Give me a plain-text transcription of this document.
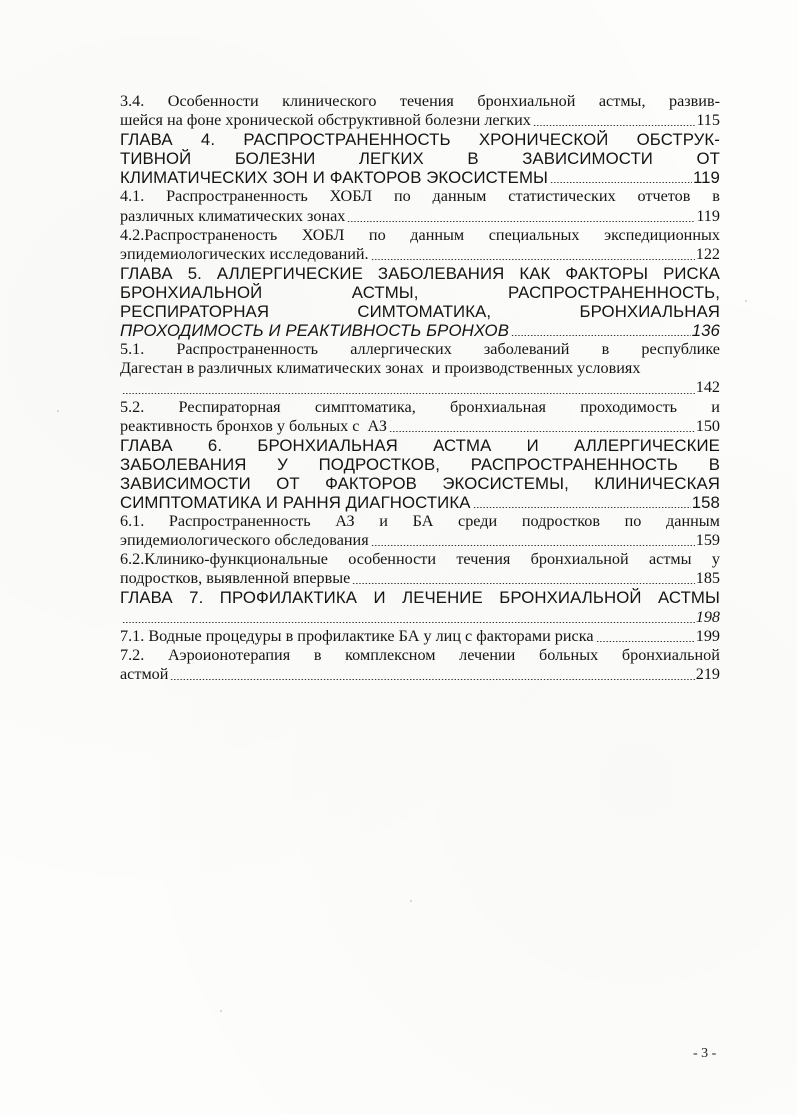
3.4. Особенности клинического течения бронхиальной астмы, развив-
шейся на фоне хронической обструктивной болезни легких	115
ГЛАВА 4. РАСПРОСТРАНЕННОСТЬ ХРОНИЧЕСКОЙ ОБСТРУК-
ТИВНОЙ	БОЛЕЗНИ	ЛЕГКИХ	В	ЗАВИСИМОСТИ	ОТ
КЛИМАТИЧЕСКИХ ЗОН И ФАКТОРОВ ЭКОСИСТЕМЫ	119
4.1. Распространенность ХОБЛ по данным статистических отчетов в
различных климатических зонах	119
4.2.Распространеность ХОБЛ по данным специальных экспедиционных
эпидемиологических исследований.	122
ГЛАВА 5. АЛЛЕРГИЧЕСКИЕ ЗАБОЛЕВАНИЯ КАК ФАКТОРЫ РИСКА
БРОНХИАЛЬНОЙ	АСТМЫ,	РАСПРОСТРАНЕННОСТЬ,
РЕСПИРАТОРНАЯ	СИМТОМАТИКА,	БРОНХИАЛЬНАЯ
ПРОХОДИМОСТЬ И РЕАКТИВНОСТЬ БРОНХОВ	136
5.1. Распространенность аллергических заболеваний в республике
Дагестан в различных климатических зонах  и производственных условиях
142
5.2. Респираторная симптоматика, бронхиальная проходимость и
реактивность бронхов у больных с  АЗ	150
ГЛАВА 6. БРОНХИАЛЬНАЯ АСТМА И АЛЛЕРГИЧЕСКИЕ
ЗАБОЛЕВАНИЯ У ПОДРОСТКОВ, РАСПРОСТРАНЕННОСТЬ В
ЗАВИСИМОСТИ ОТ ФАКТОРОВ ЭКОСИСТЕМЫ, КЛИНИЧЕСКАЯ
СИМПТОМАТИКА И РАННЯ ДИАГНОСТИКА	158
6.1. Распространенность АЗ и БА среди подростков по данным
эпидемиологического обследования	159
6.2.Клинико-функциональные особенности течения бронхиальной астмы у
подростков, выявленной впервые	185
ГЛАВА 7. ПРОФИЛАКТИКА И ЛЕЧЕНИЕ БРОНХИАЛЬНОЙ АСТМЫ
198
7.1. Водные процедуры в профилактике БА у лиц с факторами риска	199
7.2. Аэроионотерапия в комплексном лечении больных бронхиальной
астмой	219
- 3 -
